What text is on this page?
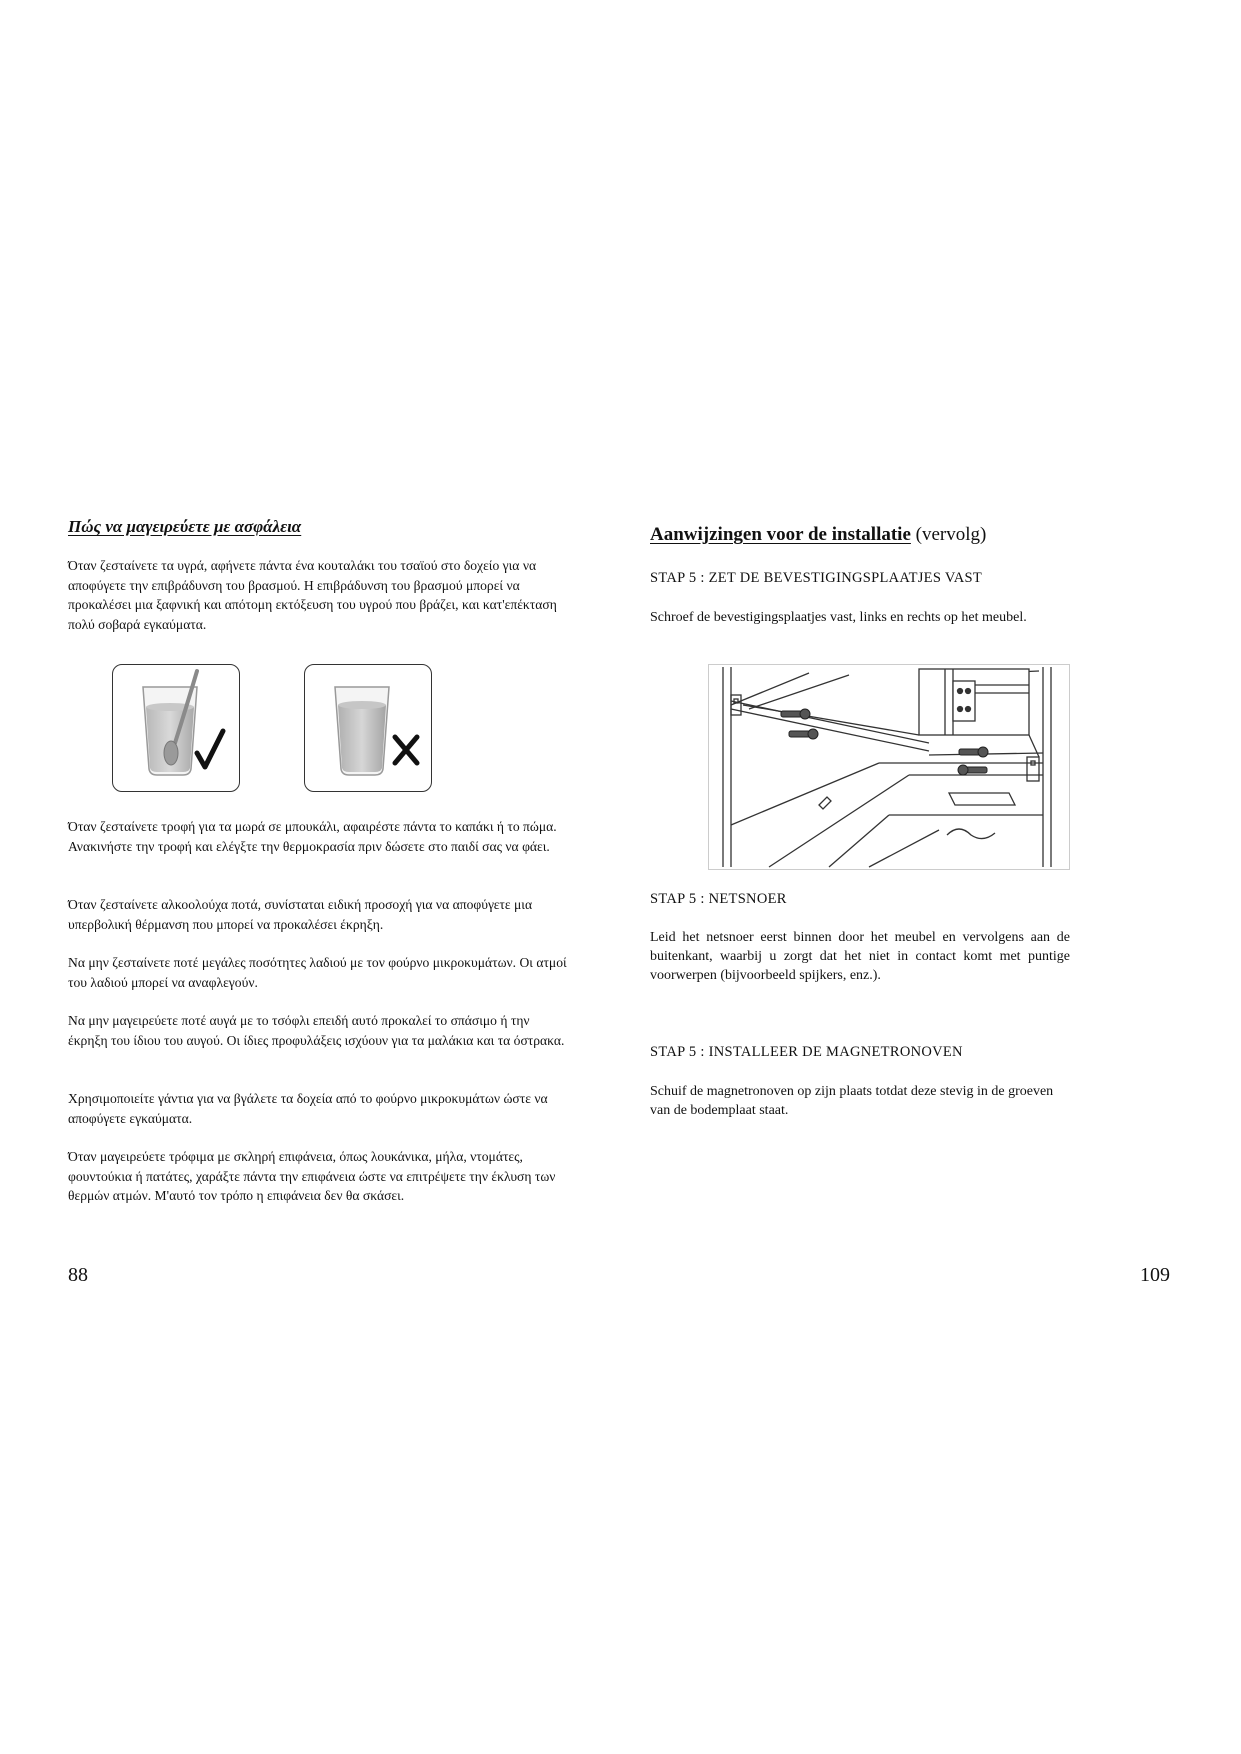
Πώς να μαγειρεύετε με ασφάλεια
Όταν ζεσταίνετε τα υγρά, αφήνετε πάντα ένα κουταλάκι του τσαϊού στο δοχείο για να αποφύγετε την επιβράδυνση του βρασμού. Η επιβράδυνση του βρασμού μπορεί να προκαλέσει μια ξαφνική και απότομη εκτόξευση του υγρού που βράζει, και κατ'επέκταση πολύ σοβαρά εγκαύματα.
Όταν ζεσταίνετε τροφή για τα μωρά σε μπουκάλι, αφαιρέστε πάντα το καπάκι ή το πώμα. Ανακινήστε την τροφή και ελέγξτε την θερμοκρασία πριν δώσετε στο παιδί σας να φάει.
Όταν ζεσταίνετε αλκοολούχα ποτά, συνίσταται ειδική προσοχή για να αποφύγετε μια υπερβολική θέρμανση που μπορεί να προκαλέσει έκρηξη.
Να μην ζεσταίνετε ποτέ μεγάλες ποσότητες λαδιού με τον φούρνο μικροκυμάτων. Οι ατμοί του λαδιού μπορεί να αναφλεγούν.
Να μην μαγειρεύετε ποτέ αυγά με το τσόφλι επειδή αυτό προκαλεί το σπάσιμο ή την έκρηξη του ίδιου του αυγού. Οι ίδιες προφυλάξεις ισχύουν για τα μαλάκια και τα όστρακα.
Χρησιμοποιείτε γάντια για να βγάλετε τα δοχεία από το φούρνο μικροκυμάτων ώστε να αποφύγετε εγκαύματα.
Όταν μαγειρεύετε τρόφιμα με σκληρή επιφάνεια, όπως λουκάνικα, μήλα, ντομάτες, φουντούκια ή πατάτες, χαράξτε πάντα την επιφάνεια ώστε να επιτρέψετε την έκλυση των θερμών ατμών. Μ'αυτό τον τρόπο η επιφάνεια δεν θα σκάσει.
88
Aanwijzingen voor de installatie (vervolg)
STAP 5 : ZET DE BEVESTIGINGSPLAATJES VAST
Schroef de bevestigingsplaatjes vast, links en rechts op het meubel.
STAP 5 : NETSNOER
Leid het netsnoer eerst binnen door het meubel en vervolgens aan de buitenkant, waarbij u zorgt dat het niet in contact komt met puntige voorwerpen (bijvoorbeeld spijkers, enz.).
STAP 5 : INSTALLEER DE MAGNETRONOVEN
Schuif de magnetronoven op zijn plaats totdat deze stevig in de groeven van de bodemplaat staat.
109
